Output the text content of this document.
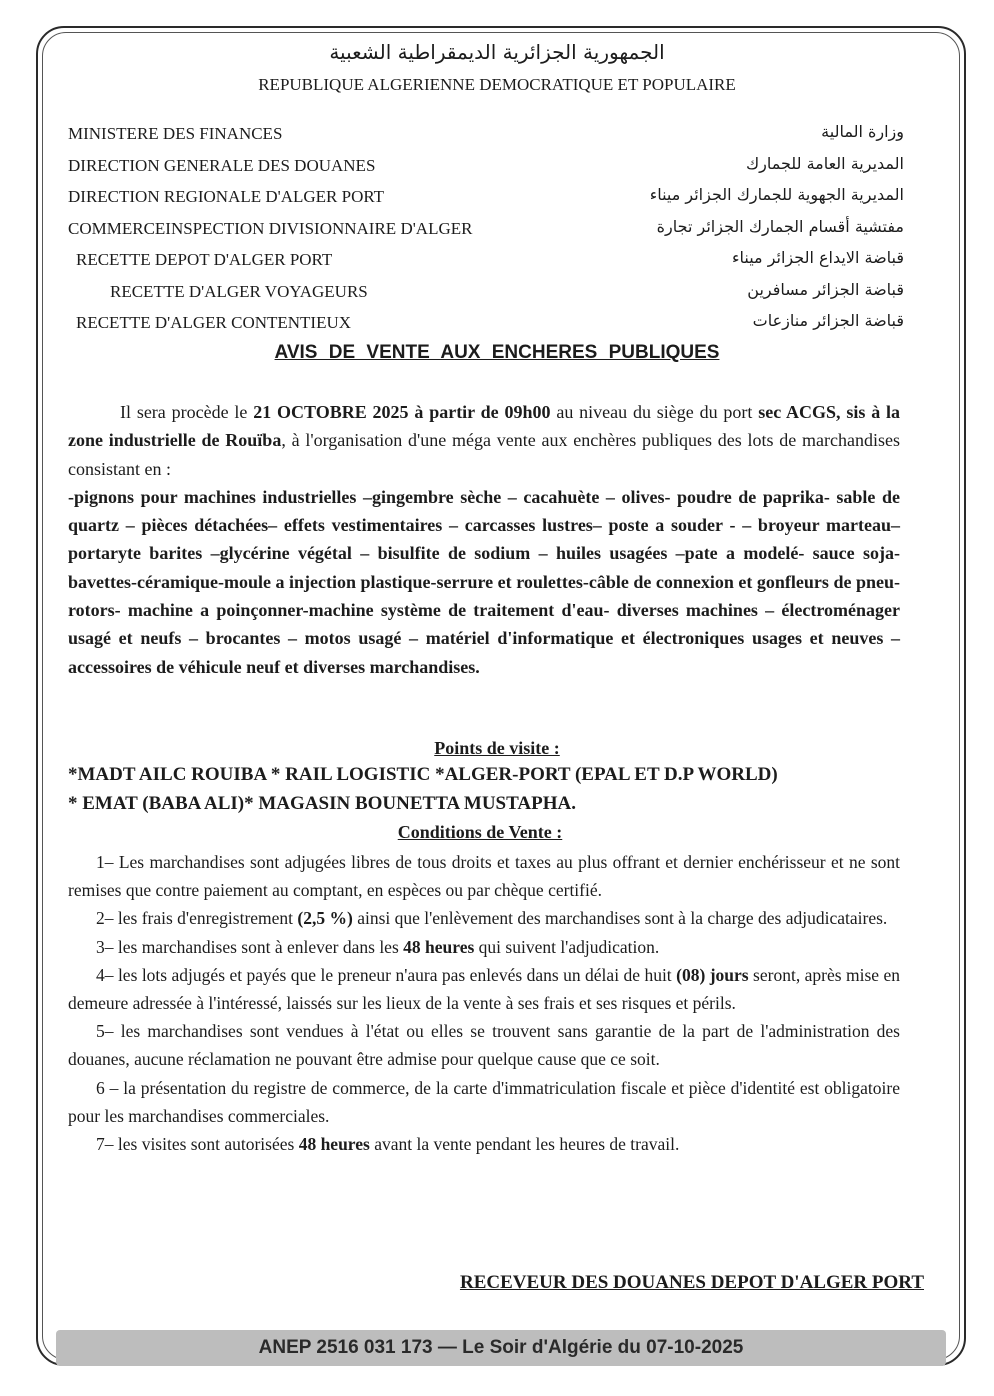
الجمهورية الجزائرية الديمقراطية الشعبية
REPUBLIQUE ALGERIENNE DEMOCRATIQUE ET POPULAIRE
MINISTERE DES FINANCES
DIRECTION GENERALE DES DOUANES
DIRECTION REGIONALE D'ALGER PORT
COMMERCEINSPECTION DIVISIONNAIRE D'ALGER
RECETTE DEPOT D'ALGER PORT
RECETTE D'ALGER VOYAGEURS
RECETTE D'ALGER CONTENTIEUX
وزارة المالية
المديرية العامة للجمارك
المديرية الجهوية للجمارك الجزائر ميناء
مفتشية أقسام الجمارك الجزائر تجارة
قباضة الايداع الجزائر ميناء
قباضة الجزائر مسافرين
قباضة الجزائر منازعات
AVIS DE VENTE AUX ENCHERES PUBLIQUES

Il sera procède le 21 OCTOBRE 2025 à partir de 09h00 au niveau du siège du port sec ACGS, sis à la zone industrielle de Rouïba, à l'organisation d'une méga vente aux enchères publiques des lots de marchandises consistant en :
-pignons pour machines industrielles –gingembre sèche – cacahuète – olives- poudre de paprika- sable de quartz – pièces détachées– effets vestimentaires – carcasses lustres– poste a souder - – broyeur marteau– portaryte barites –glycérine végétal – bisulfite de sodium – huiles usagées –pate a modelé- sauce soja-bavettes-céramique-moule a injection plastique-serrure et roulettes-câble de connexion et gonfleurs de pneu- rotors- machine a poinçonner-machine système de traitement d'eau- diverses machines – électroménager usagé et neufs – brocantes – motos usagé – matériel d'informatique et électroniques usages et neuves –accessoires de véhicule neuf et diverses marchandises.

Points de visite :
*MADT AILC ROUIBA * RAIL LOGISTIC *ALGER-PORT (EPAL ET D.P WORLD)
* EMAT (BABA ALI)* MAGASIN BOUNETTA MUSTAPHA.
Conditions de Vente :

1– Les marchandises sont adjugées libres de tous droits et taxes au plus offrant et dernier enchérisseur et ne sont remises que contre paiement au comptant, en espèces ou par chèque certifié.

2– les frais d'enregistrement (2,5 %) ainsi que l'enlèvement des marchandises sont à la charge des adjudicataires.

3– les marchandises sont à enlever dans les 48 heures qui suivent l'adjudication.

4– les lots adjugés et payés que le preneur n'aura pas enlevés dans un délai de huit (08) jours seront, après mise en demeure adressée à l'intéressé, laissés sur les lieux de la vente à ses frais et ses risques et périls.

5– les marchandises sont vendues à l'état ou elles se trouvent sans garantie de la part de l'administration des douanes, aucune réclamation ne pouvant être admise pour quelque cause que ce soit.

6 – la présentation du registre de commerce, de la carte d'immatriculation fiscale et pièce d'identité est obligatoire pour les marchandises commerciales.

7– les visites sont autorisées 48 heures avant la vente pendant les heures de travail.

RECEVEUR DES DOUANES DEPOT D'ALGER PORT
ANEP 2516 031 173 — Le Soir d'Algérie du 07-10-2025
